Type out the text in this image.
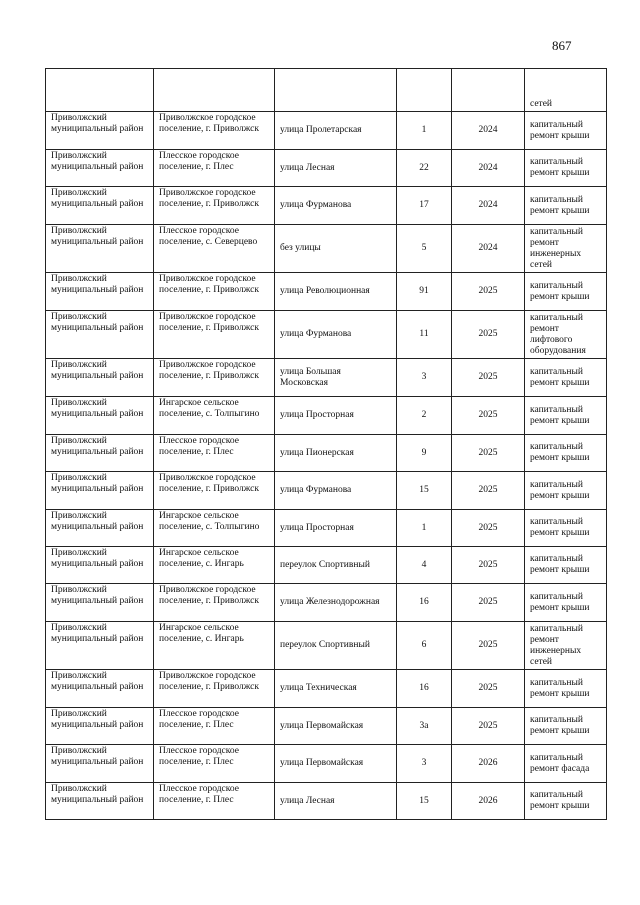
867
					сетей
Приволжский муниципальный район	Приволжское городское поселение, г. Приволжск	улица Пролетарская	1	2024	капитальный ремонт крыши
Приволжский муниципальный район	Плесское городское поселение, г. Плес	улица Лесная	22	2024	капитальный ремонт крыши
Приволжский муниципальный район	Приволжское городское поселение, г. Приволжск	улица Фурманова	17	2024	капитальный ремонт крыши
Приволжский муниципальный район	Плесское городское поселение, с. Северцево	без улицы	5	2024	капитальный ремонт инженерных сетей
Приволжский муниципальный район	Приволжское городское поселение, г. Приволжск	улица Революционная	91	2025	капитальный ремонт крыши
Приволжский муниципальный район	Приволжское городское поселение, г. Приволжск	улица Фурманова	11	2025	капитальный ремонт лифтового оборудования
Приволжский муниципальный район	Приволжское городское поселение, г. Приволжск	улица Большая Московская	3	2025	капитальный ремонт крыши
Приволжский муниципальный район	Ингарское сельское поселение, с. Толпыгино	улица Просторная	2	2025	капитальный ремонт крыши
Приволжский муниципальный район	Плесское городское поселение, г. Плес	улица Пионерская	9	2025	капитальный ремонт крыши
Приволжский муниципальный район	Приволжское городское поселение, г. Приволжск	улица Фурманова	15	2025	капитальный ремонт крыши
Приволжский муниципальный район	Ингарское сельское поселение, с. Толпыгино	улица Просторная	1	2025	капитальный ремонт крыши
Приволжский муниципальный район	Ингарское сельское поселение, с. Ингарь	переулок Спортивный	4	2025	капитальный ремонт крыши
Приволжский муниципальный район	Приволжское городское поселение, г. Приволжск	улица Железнодорожная	16	2025	капитальный ремонт крыши
Приволжский муниципальный район	Ингарское сельское поселение, с. Ингарь	переулок Спортивный	6	2025	капитальный ремонт инженерных сетей
Приволжский муниципальный район	Приволжское городское поселение, г. Приволжск	улица Техническая	16	2025	капитальный ремонт крыши
Приволжский муниципальный район	Плесское городское поселение, г. Плес	улица Первомайская	3а	2025	капитальный ремонт крыши
Приволжский муниципальный район	Плесское городское поселение, г. Плес	улица Первомайская	3	2026	капитальный ремонт фасада
Приволжский муниципальный район	Плесское городское поселение, г. Плес	улица Лесная	15	2026	капитальный ремонт крыши
